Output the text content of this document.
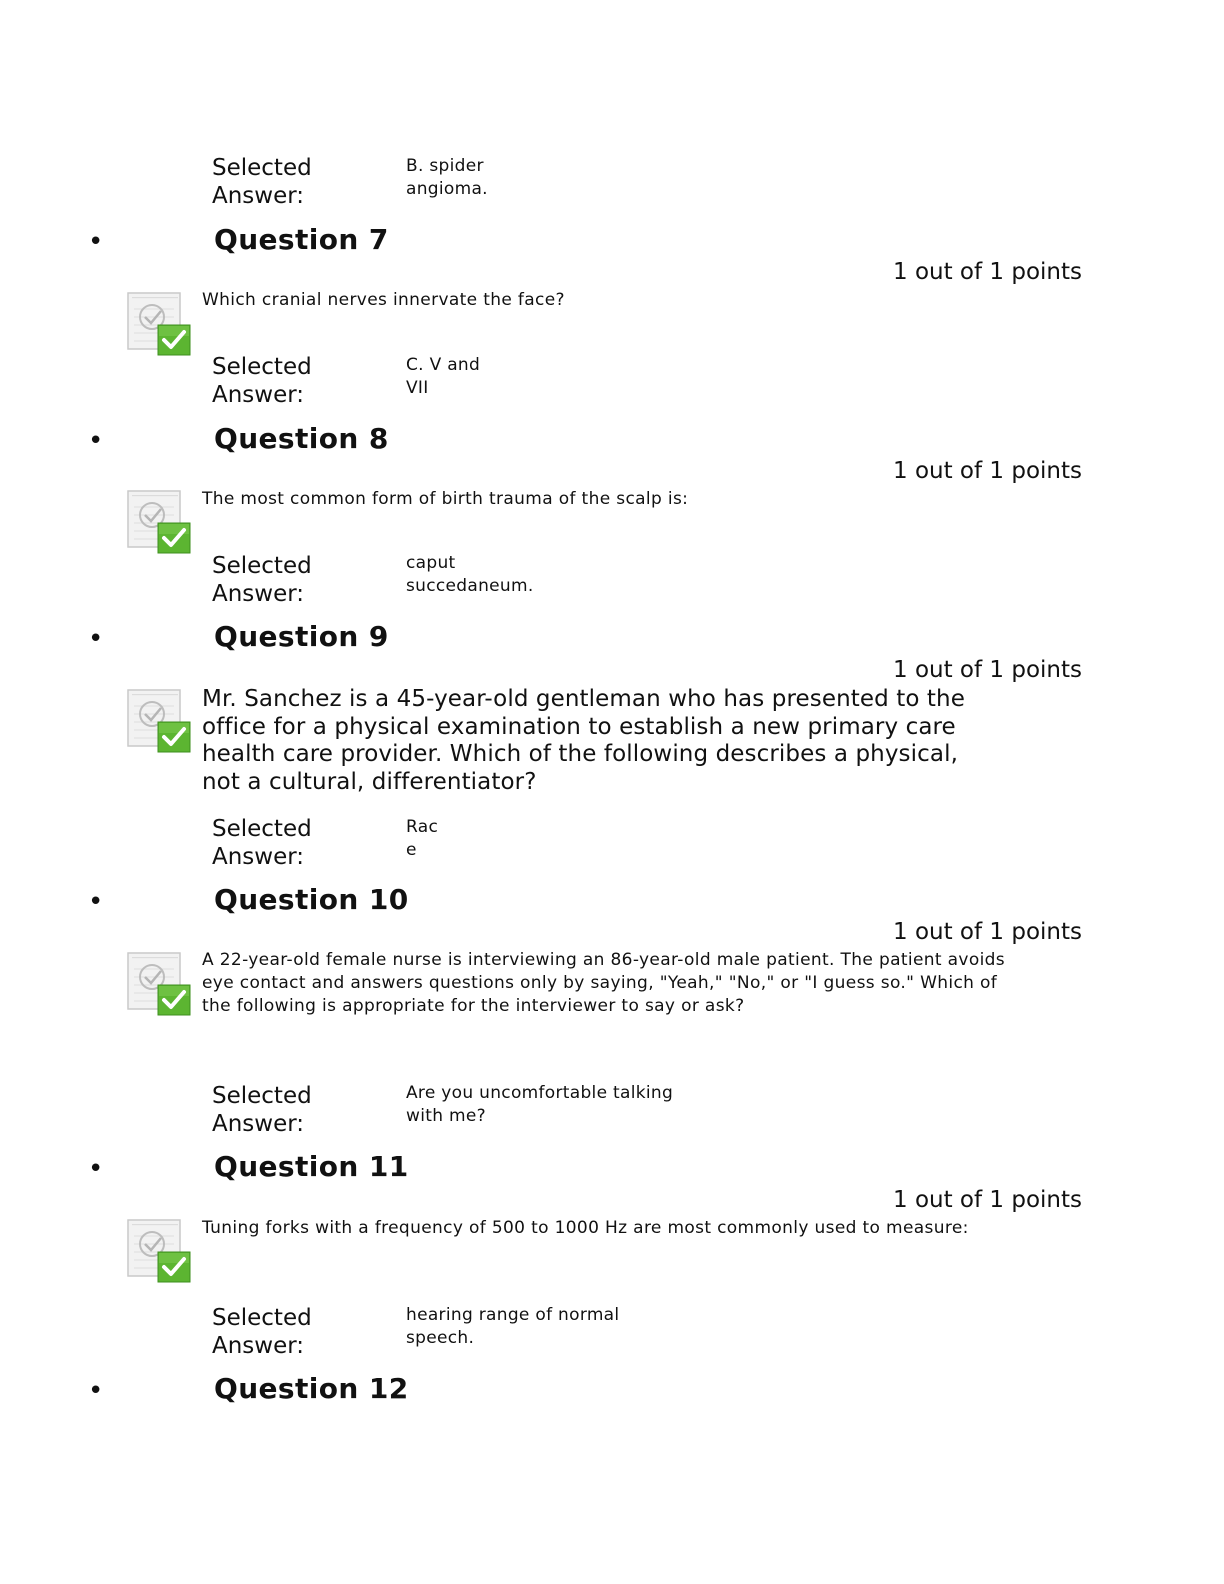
Selected
Answer:
B. spider
angioma.
•	Question 7
1 out of 1 points
Which cranial nerves innervate the face?
Selected
Answer:
C. V and
VII
•	Question 8
1 out of 1 points
The most common form of birth trauma of the scalp is:
Selected
Answer:
caput
succedaneum.
•	Question 9
1 out of 1 points
Mr. Sanchez is a 45-year-old gentleman who has presented to the office for a physical examination to establish a new primary care health care provider. Which of the following describes a physical, not a cultural, differentiator?
Selected
Answer:
Rac
e
•	Question 10
1 out of 1 points
A 22-year-old female nurse is interviewing an 86-year-old male patient. The patient avoids eye contact and answers questions only by saying, "Yeah," "No," or "I guess so." Which of the following is appropriate for the interviewer to say or ask?
Selected
Answer:
Are you uncomfortable talking
with me?
•	Question 11
1 out of 1 points
Tuning forks with a frequency of 500 to 1000 Hz are most commonly used to measure:
Selected
Answer:
hearing range of normal
speech.
•	Question 12
